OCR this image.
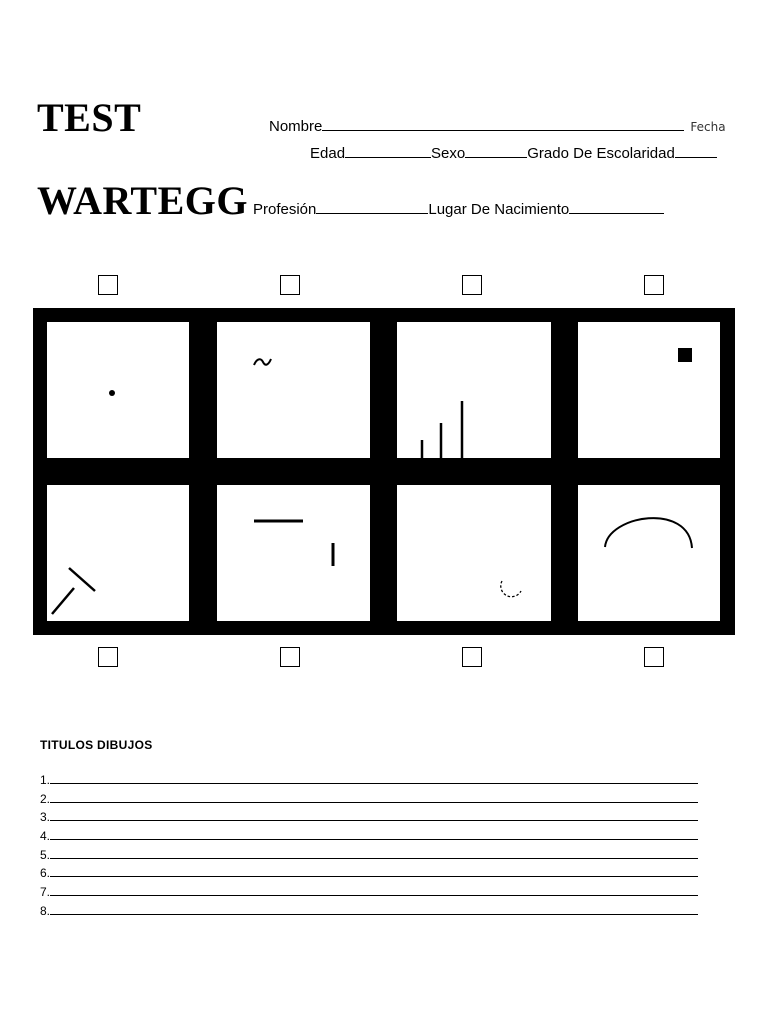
TEST
WARTEGG
Nombre	Fecha
Edad	Sexo	Grado De Escolaridad
Profesión	Lugar De Nacimiento
TITULOS DIBUJOS
1.
2.
3.
4.
5.
6.
7.
8.
